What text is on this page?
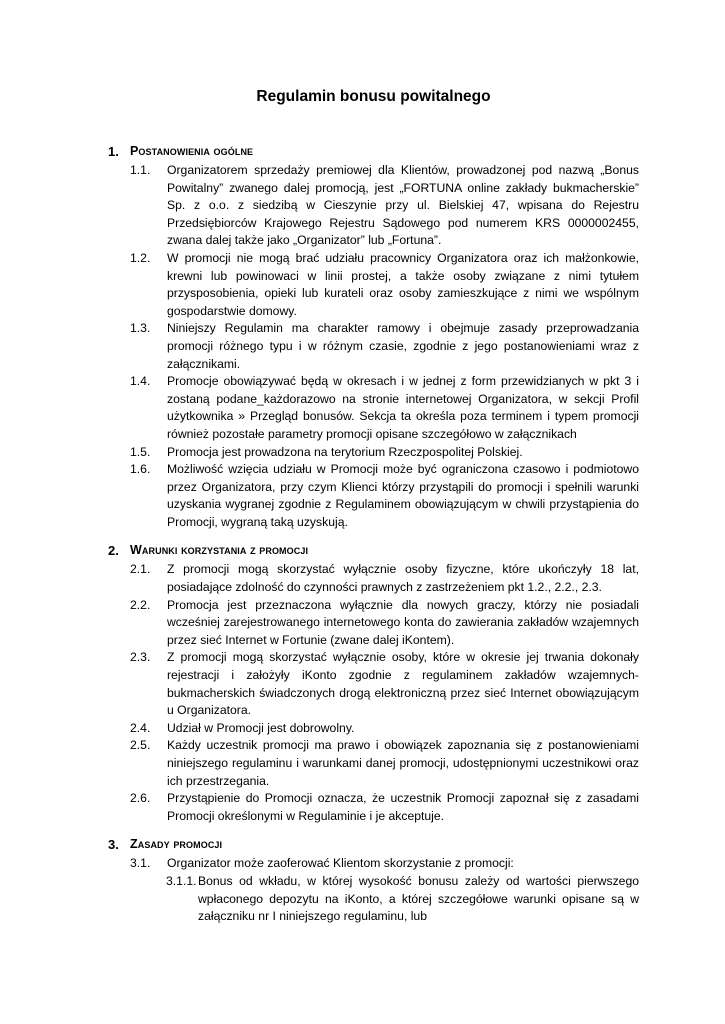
Regulamin bonusu powitalnego
1. Postanowienia ogólne
1.1.	Organizatorem sprzedaży premiowej dla Klientów, prowadzonej pod nazwą „Bonus Powitalny” zwanego dalej promocją, jest „FORTUNA online zakłady bukmacherskie” Sp. z o.o. z siedzibą w Cieszynie przy ul. Bielskiej 47, wpisana do Rejestru Przedsiębiorców Krajowego Rejestru Sądowego pod numerem KRS 0000002455, zwana dalej także jako „Organizator” lub „Fortuna”.
1.2.	W promocji nie mogą brać udziału pracownicy Organizatora oraz ich małżonkowie, krewni lub powinowaci w linii prostej, a także osoby związane z nimi tytułem przysposobienia, opieki lub kurateli oraz osoby zamieszkujące z nimi we wspólnym gospodarstwie domowy.
1.3.	Niniejszy Regulamin ma charakter ramowy i obejmuje zasady przeprowadzania promocji różnego typu i w różnym czasie, zgodnie z jego postanowieniami wraz z załącznikami.
1.4.	Promocje obowiązywać będą w okresach i w jednej z form przewidzianych w pkt 3 i zostaną podane_każdorazowo na stronie internetowej Organizatora, w sekcji Profil użytkownika » Przegląd bonusów. Sekcja ta określa poza terminem i typem promocji również pozostałe parametry promocji opisane szczegółowo w załącznikach
1.5.	Promocja jest prowadzona na terytorium Rzeczpospolitej Polskiej.
1.6.	Możliwość wzięcia udziału w Promocji może być ograniczona czasowo i podmiotowo przez Organizatora, przy czym Klienci którzy przystąpili do promocji i spełnili warunki uzyskania wygranej zgodnie z Regulaminem obowiązującym w chwili przystąpienia do Promocji, wygraną taką uzyskują.
2. Warunki korzystania z promocji
2.1.	Z promocji mogą skorzystać wyłącznie osoby fizyczne, które ukończyły 18 lat, posiadające zdolność do czynności prawnych z zastrzeżeniem pkt 1.2., 2.2., 2.3.
2.2.	Promocja jest przeznaczona wyłącznie dla nowych graczy, którzy nie posiadali wcześniej zarejestrowanego internetowego konta do zawierania zakładów wzajemnych przez sieć Internet w Fortunie (zwane dalej iKontem).
2.3.	Z promocji mogą skorzystać wyłącznie osoby, które w okresie jej trwania dokonały rejestracji i założyły iKonto zgodnie z regulaminem zakładów wzajemnych-bukmacherskich świadczonych drogą elektroniczną przez sieć Internet obowiązującym u Organizatora.
2.4.	Udział w Promocji jest dobrowolny.
2.5.	Każdy uczestnik promocji ma prawo i obowiązek zapoznania się z postanowieniami niniejszego regulaminu i warunkami danej promocji, udostępnionymi uczestnikowi oraz ich przestrzegania.
2.6.	Przystąpienie do Promocji oznacza, że uczestnik Promocji zapoznał się z zasadami Promocji określonymi w Regulaminie i je akceptuje.
3. Zasady promocji
3.1.	Organizator może zaoferować Klientom skorzystanie z promocji:
3.1.1. Bonus od wkładu, w której wysokość bonusu zależy od wartości pierwszego wpłaconego depozytu na iKonto, a której szczegółowe warunki opisane są w załączniku nr I niniejszego regulaminu, lub
